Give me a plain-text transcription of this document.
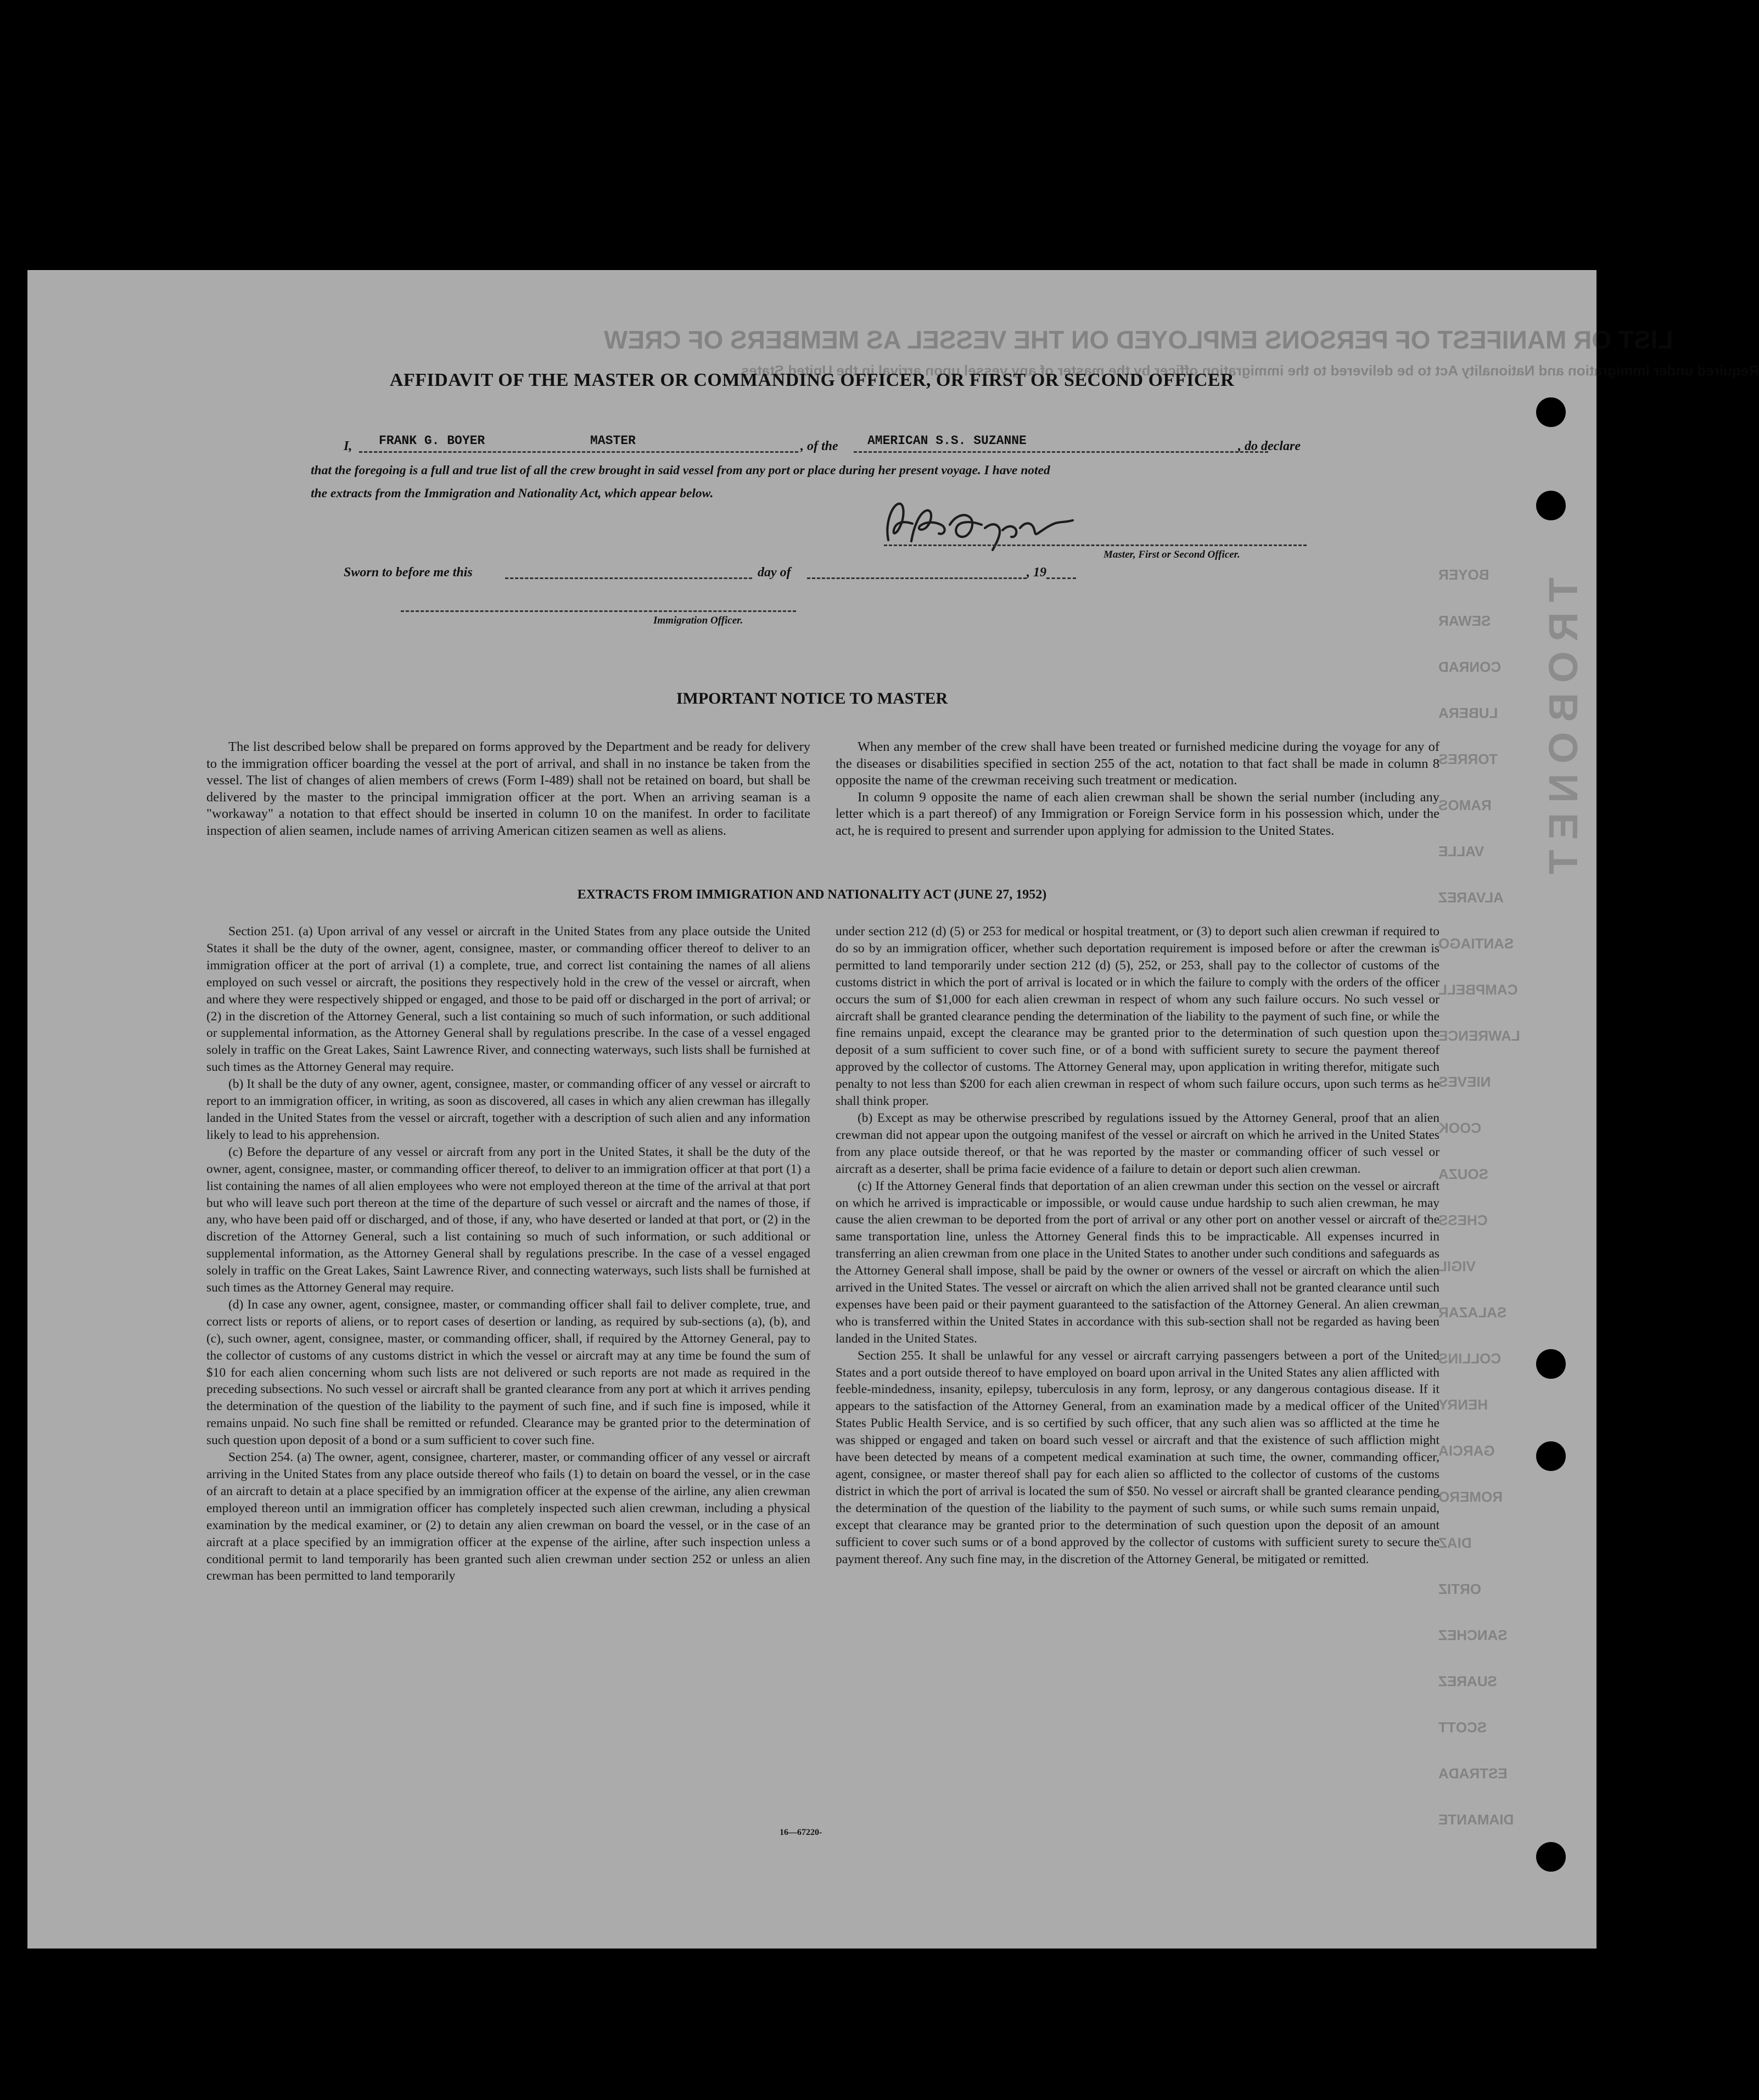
LIST OR MANIFEST OF PERSONS EMPLOYED ON THE VESSEL AS MEMBERS OF CREW
Required under Immigration and Nationality Act to be delivered to the immigration officer by the master of any vessel upon arrival in the United States
TROBONET
BOYER
SEWAR
CONRAD
LUBERA
TORRES
RAMOS
VALLE
ALVAREZ
SANTIAGO
CAMPBELL
LAWRENCE
NIEVES
COOK
SOUZA
CHESS
VIGIL
SALAZAR
COLLINS
HENRY
GARCIA
ROMERO
DIAZ
ORTIZ
SANCHEZ
SUAREZ
SCOTT
ESTRADA
DIAMANTE
AFFIDAVIT OF THE MASTER OR COMMANDING OFFICER, OR FIRST OR SECOND OFFICER
I, FRANK G. BOYER	MASTER	, of the AMERICAN S.S. SUZANNE	, do declare
that the foregoing is a full and true list of all the crew brought in said vessel from any port or place during her present voyage. I have noted
the extracts from the Immigration and Nationality Act, which appear below.
Master, First or Second Officer.
Sworn to before me this	day of	, 19
Immigration Officer.
IMPORTANT NOTICE TO MASTER

The list described below shall be prepared on forms approved by the Department and be ready for delivery to the immigration officer boarding the vessel at the port of arrival, and shall in no instance be taken from the vessel. The list of changes of alien members of crews (Form I-489) shall not be retained on board, but shall be delivered by the master to the principal immigration officer at the port. When an arriving seaman is a "workaway" a notation to that effect should be inserted in column 10 on the manifest. In order to facilitate inspection of alien seamen, include names of arriving American citizen seamen as well as aliens.

When any member of the crew shall have been treated or furnished medicine during the voyage for any of the diseases or disabilities specified in section 255 of the act, notation to that fact shall be made in column 8 opposite the name of the crewman receiving such treatment or medication.

In column 9 opposite the name of each alien crewman shall be shown the serial number (including any letter which is a part thereof) of any Immigration or Foreign Service form in his possession which, under the act, he is required to present and surrender upon applying for admission to the United States.

EXTRACTS FROM IMMIGRATION AND NATIONALITY ACT (JUNE 27, 1952)

Section 251. (a) Upon arrival of any vessel or aircraft in the United States from any place outside the United States it shall be the duty of the owner, agent, consignee, master, or commanding officer thereof to deliver to an immigration officer at the port of arrival (1) a complete, true, and correct list containing the names of all aliens employed on such vessel or aircraft, the positions they respectively hold in the crew of the vessel or aircraft, when and where they were respectively shipped or engaged, and those to be paid off or discharged in the port of arrival; or (2) in the discretion of the Attorney General, such a list containing so much of such information, or such additional or supplemental information, as the Attorney General shall by regulations prescribe. In the case of a vessel engaged solely in traffic on the Great Lakes, Saint Lawrence River, and connecting waterways, such lists shall be furnished at such times as the Attorney General may require.

(b) It shall be the duty of any owner, agent, consignee, master, or commanding officer of any vessel or aircraft to report to an immigration officer, in writing, as soon as discovered, all cases in which any alien crewman has illegally landed in the United States from the vessel or aircraft, together with a description of such alien and any information likely to lead to his apprehension.

(c) Before the departure of any vessel or aircraft from any port in the United States, it shall be the duty of the owner, agent, consignee, master, or commanding officer thereof, to deliver to an immigration officer at that port (1) a list containing the names of all alien employees who were not employed thereon at the time of the arrival at that port but who will leave such port thereon at the time of the departure of such vessel or aircraft and the names of those, if any, who have been paid off or discharged, and of those, if any, who have deserted or landed at that port, or (2) in the discretion of the Attorney General, such a list containing so much of such information, or such additional or supplemental information, as the Attorney General shall by regulations prescribe. In the case of a vessel engaged solely in traffic on the Great Lakes, Saint Lawrence River, and connecting waterways, such lists shall be furnished at such times as the Attorney General may require.

(d) In case any owner, agent, consignee, master, or commanding officer shall fail to deliver complete, true, and correct lists or reports of aliens, or to report cases of desertion or landing, as required by sub-sections (a), (b), and (c), such owner, agent, consignee, master, or commanding officer, shall, if required by the Attorney General, pay to the collector of customs of any customs district in which the vessel or aircraft may at any time be found the sum of $10 for each alien concerning whom such lists are not delivered or such reports are not made as required in the preceding subsections. No such vessel or aircraft shall be granted clearance from any port at which it arrives pending the determination of the question of the liability to the payment of such fine, and if such fine is imposed, while it remains unpaid. No such fine shall be remitted or refunded. Clearance may be granted prior to the determination of such question upon deposit of a bond or a sum sufficient to cover such fine.

Section 254. (a) The owner, agent, consignee, charterer, master, or commanding officer of any vessel or aircraft arriving in the United States from any place outside thereof who fails (1) to detain on board the vessel, or in the case of an aircraft to detain at a place specified by an immigration officer at the expense of the airline, any alien crewman employed thereon until an immigration officer has completely inspected such alien crewman, including a physical examination by the medical examiner, or (2) to detain any alien crewman on board the vessel, or in the case of an aircraft at a place specified by an immigration officer at the expense of the airline, after such inspection unless a conditional permit to land temporarily has been granted such alien crewman under section 252 or unless an alien crewman has been permitted to land temporarily

under section 212 (d) (5) or 253 for medical or hospital treatment, or (3) to deport such alien crewman if required to do so by an immigration officer, whether such deportation requirement is imposed before or after the crewman is permitted to land temporarily under section 212 (d) (5), 252, or 253, shall pay to the collector of customs of the customs district in which the port of arrival is located or in which the failure to comply with the orders of the officer occurs the sum of $1,000 for each alien crewman in respect of whom any such failure occurs. No such vessel or aircraft shall be granted clearance pending the determination of the liability to the payment of such fine, or while the fine remains unpaid, except the clearance may be granted prior to the determination of such question upon the deposit of a sum sufficient to cover such fine, or of a bond with sufficient surety to secure the payment thereof approved by the collector of customs. The Attorney General may, upon application in writing therefor, mitigate such penalty to not less than $200 for each alien crewman in respect of whom such failure occurs, upon such terms as he shall think proper.

(b) Except as may be otherwise prescribed by regulations issued by the Attorney General, proof that an alien crewman did not appear upon the outgoing manifest of the vessel or aircraft on which he arrived in the United States from any place outside thereof, or that he was reported by the master or commanding officer of such vessel or aircraft as a deserter, shall be prima facie evidence of a failure to detain or deport such alien crewman.

(c) If the Attorney General finds that deportation of an alien crewman under this section on the vessel or aircraft on which he arrived is impracticable or impossible, or would cause undue hardship to such alien crewman, he may cause the alien crewman to be deported from the port of arrival or any other port on another vessel or aircraft of the same transportation line, unless the Attorney General finds this to be impracticable. All expenses incurred in transferring an alien crewman from one place in the United States to another under such conditions and safeguards as the Attorney General shall impose, shall be paid by the owner or owners of the vessel or aircraft on which the alien arrived in the United States. The vessel or aircraft on which the alien arrived shall not be granted clearance until such expenses have been paid or their payment guaranteed to the satisfaction of the Attorney General. An alien crewman who is transferred within the United States in accordance with this sub-section shall not be regarded as having been landed in the United States.

Section 255. It shall be unlawful for any vessel or aircraft carrying passengers between a port of the United States and a port outside thereof to have employed on board upon arrival in the United States any alien afflicted with feeble-mindedness, insanity, epilepsy, tuberculosis in any form, leprosy, or any dangerous contagious disease. If it appears to the satisfaction of the Attorney General, from an examination made by a medical officer of the United States Public Health Service, and is so certified by such officer, that any such alien was so afflicted at the time he was shipped or engaged and taken on board such vessel or aircraft and that the existence of such affliction might have been detected by means of a competent medical examination at such time, the owner, commanding officer, agent, consignee, or master thereof shall pay for each alien so afflicted to the collector of customs of the customs district in which the port of arrival is located the sum of $50. No vessel or aircraft shall be granted clearance pending the determination of the question of the liability to the payment of such sums, or while such sums remain unpaid, except that clearance may be granted prior to the determination of such question upon the deposit of an amount sufficient to cover such sums or of a bond approved by the collector of customs with sufficient surety to secure the payment thereof. Any such fine may, in the discretion of the Attorney General, be mitigated or remitted.

16—67220-
